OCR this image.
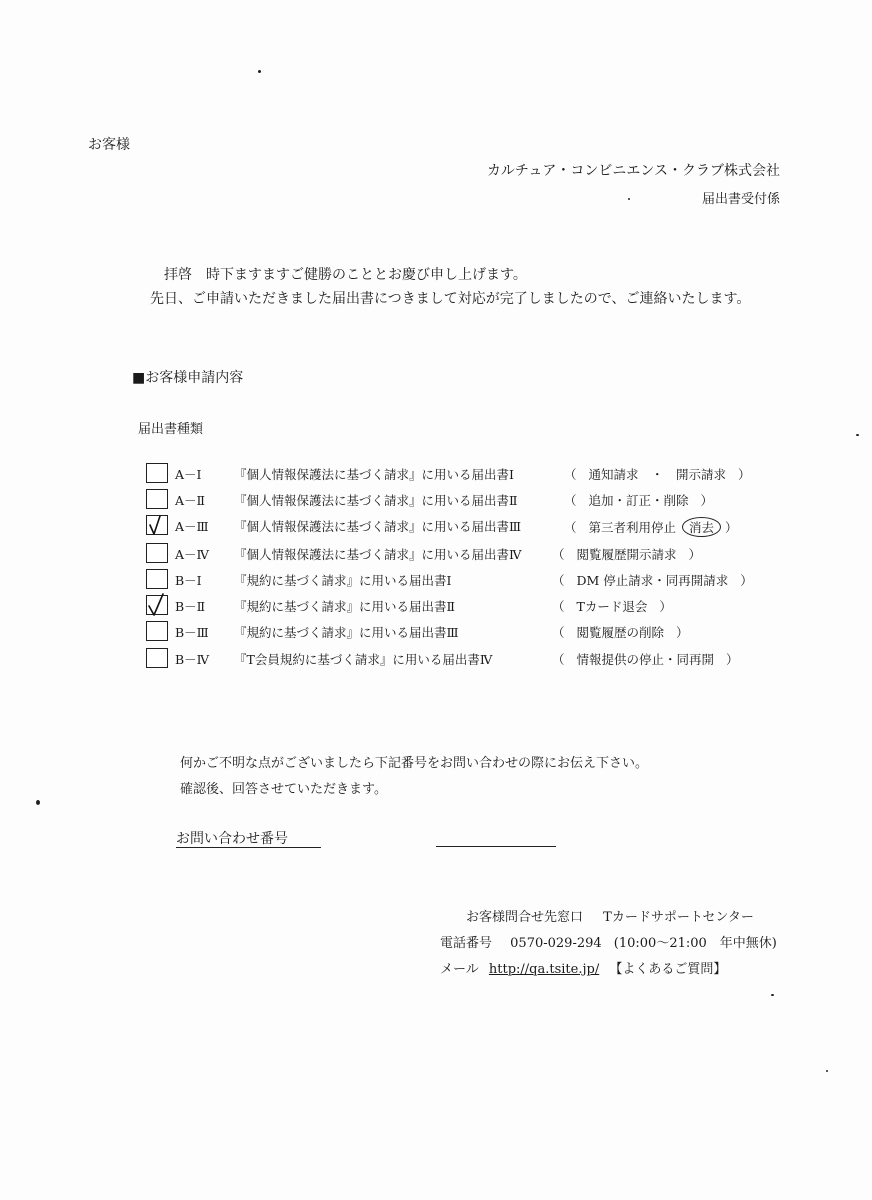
お客様
カルチュア・コンビニエンス・クラブ株式会社
届出書受付係
拝啓　時下ますますご健勝のこととお慶び申し上げます。
先日、ご申請いただきました届出書につきまして対応が完了しましたので、ご連絡いたします。
■お客様申請内容
届出書種類
A－Ⅰ	『個人情報保護法に基づく請求』に用いる届出書Ⅰ	（ 通知請求　・　開示請求 ）
A－Ⅱ 『個人情報保護法に基づく請求』に用いる届出書Ⅱ	（ 追加・訂正・削除 ）
A－Ⅲ 『個人情報保護法に基づく請求』に用いる届出書Ⅲ	（ 第三者利用停止 消去 ）
A－Ⅳ 『個人情報保護法に基づく請求』に用いる届出書Ⅳ （ 閲覧履歴開示請求 ）
B－Ⅰ	『規約に基づく請求』に用いる届出書Ⅰ	（ DM 停止請求・同再開請求 ）
B－Ⅱ 『規約に基づく請求』に用いる届出書Ⅱ	（ Tカード退会 ）
B－Ⅲ 『規約に基づく請求』に用いる届出書Ⅲ	（ 閲覧履歴の削除 ）
B－Ⅳ 『T会員規約に基づく請求』に用いる届出書Ⅳ	（ 情報提供の停止・同再開 ）
何かご不明な点がございましたら下記番号をお問い合わせの際にお伝え下さい。
確認後、回答させていただきます。
お問い合わせ番号
お客様問合せ先窓口 Tカードサポートセンター
電話番号 0570-029-294 (10:00～21:00　年中無休)
メール http://qa.tsite.jp/ 【よくあるご質問】
